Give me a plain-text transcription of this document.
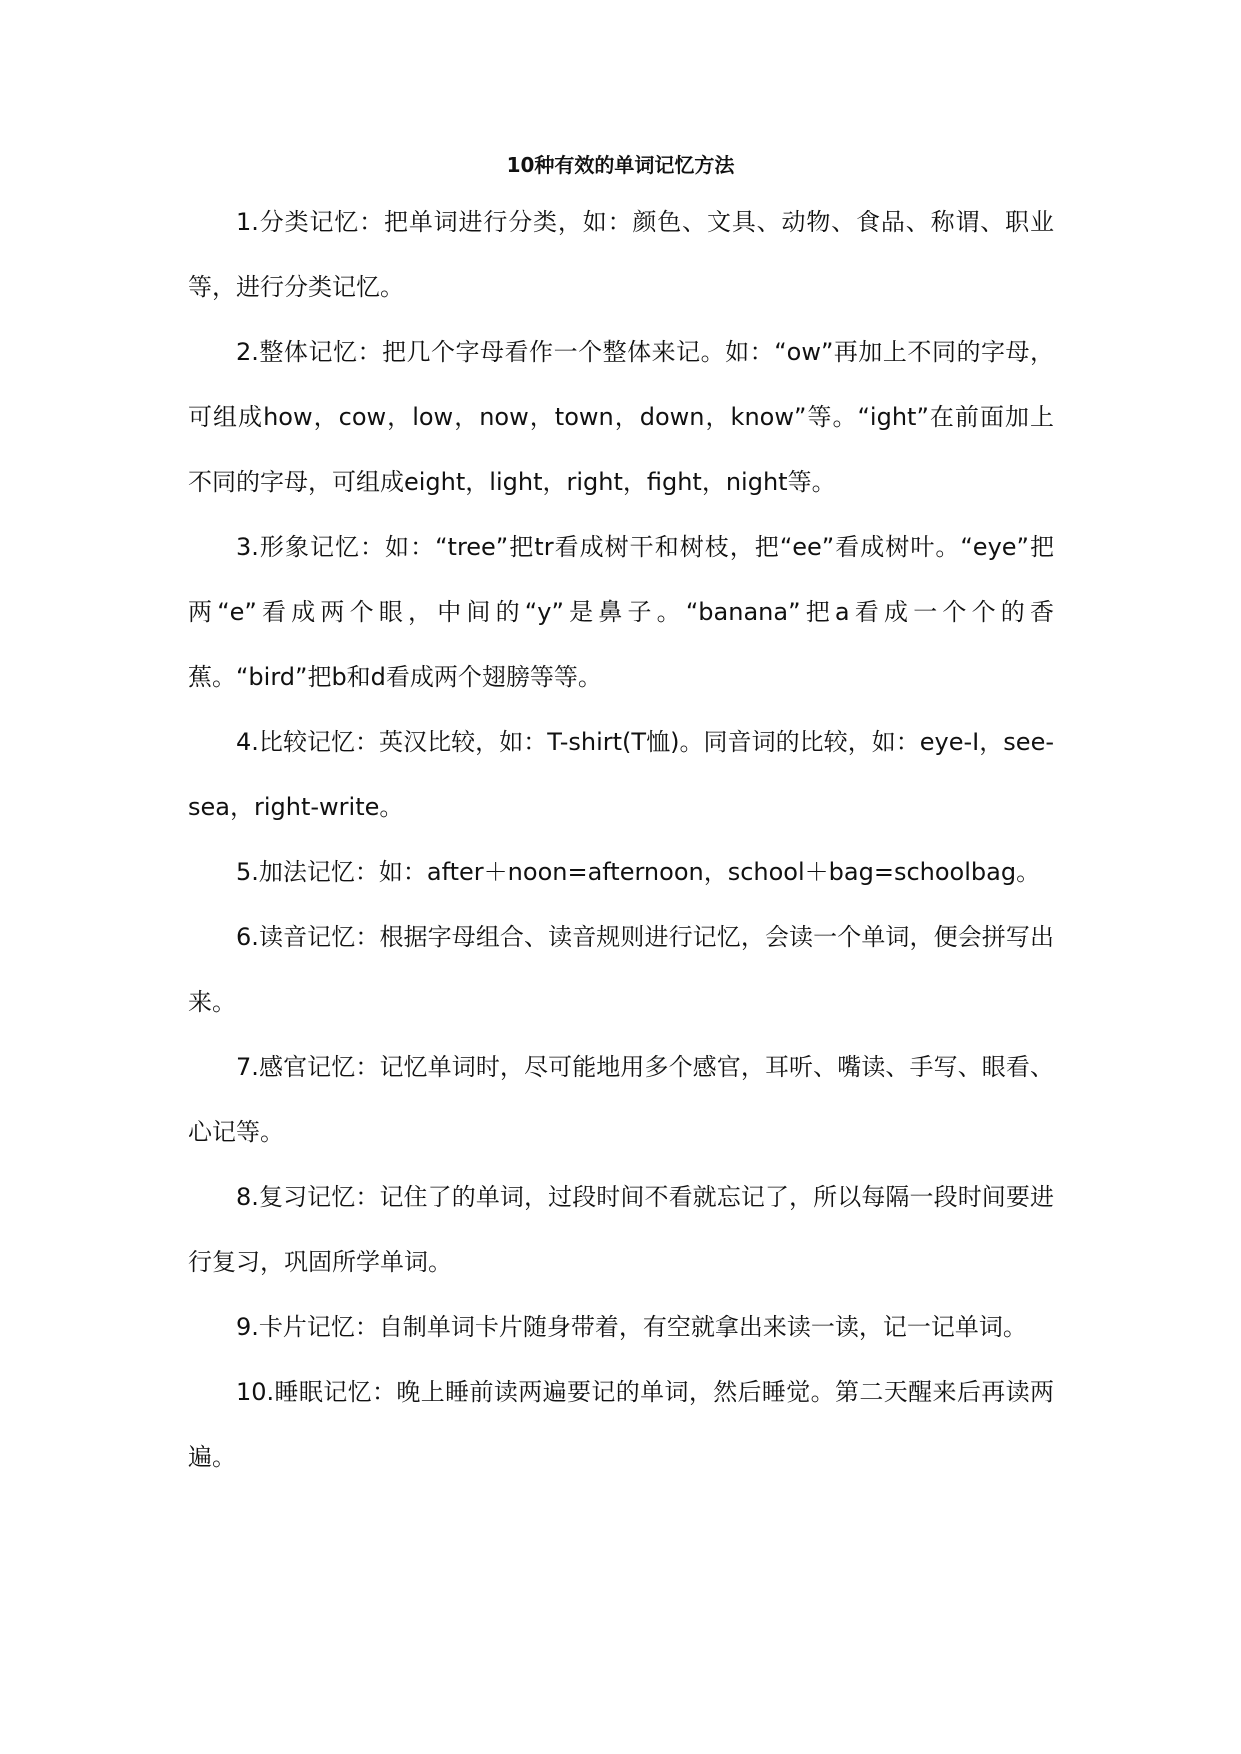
10种有效的单词记忆方法

1.分类记忆：把单词进行分类，如：颜色、文具、动物、食品、称谓、职业等，进行分类记忆。

2.整体记忆：把几个字母看作一个整体来记。如：“ow”再加上不同的字母，可组成how，cow，low，now，town，down，know”等。“ight”在前面加上不同的字母，可组成eight，light，right，fight，night等。

3.形象记忆：如：“tree”把tr看成树干和树枝，把“ee”看成树叶。“eye”把两“e”看成两个眼，中间的“y”是鼻子。“banana”把a看成一个个的香蕉。“bird”把b和d看成两个翅膀等等。

4.比较记忆：英汉比较，如：T-shirt(T恤)。同音词的比较，如：eye-I，see-sea，right-write。

5.加法记忆：如：after＋noon=afternoon，school＋bag=schoolbag。

6.读音记忆：根据字母组合、读音规则进行记忆，会读一个单词，便会拼写出来。

7.感官记忆：记忆单词时，尽可能地用多个感官，耳听、嘴读、手写、眼看、心记等。

8.复习记忆：记住了的单词，过段时间不看就忘记了，所以每隔一段时间要进行复习，巩固所学单词。

9.卡片记忆：自制单词卡片随身带着，有空就拿出来读一读，记一记单词。

10.睡眠记忆：晚上睡前读两遍要记的单词，然后睡觉。第二天醒来后再读两遍。
